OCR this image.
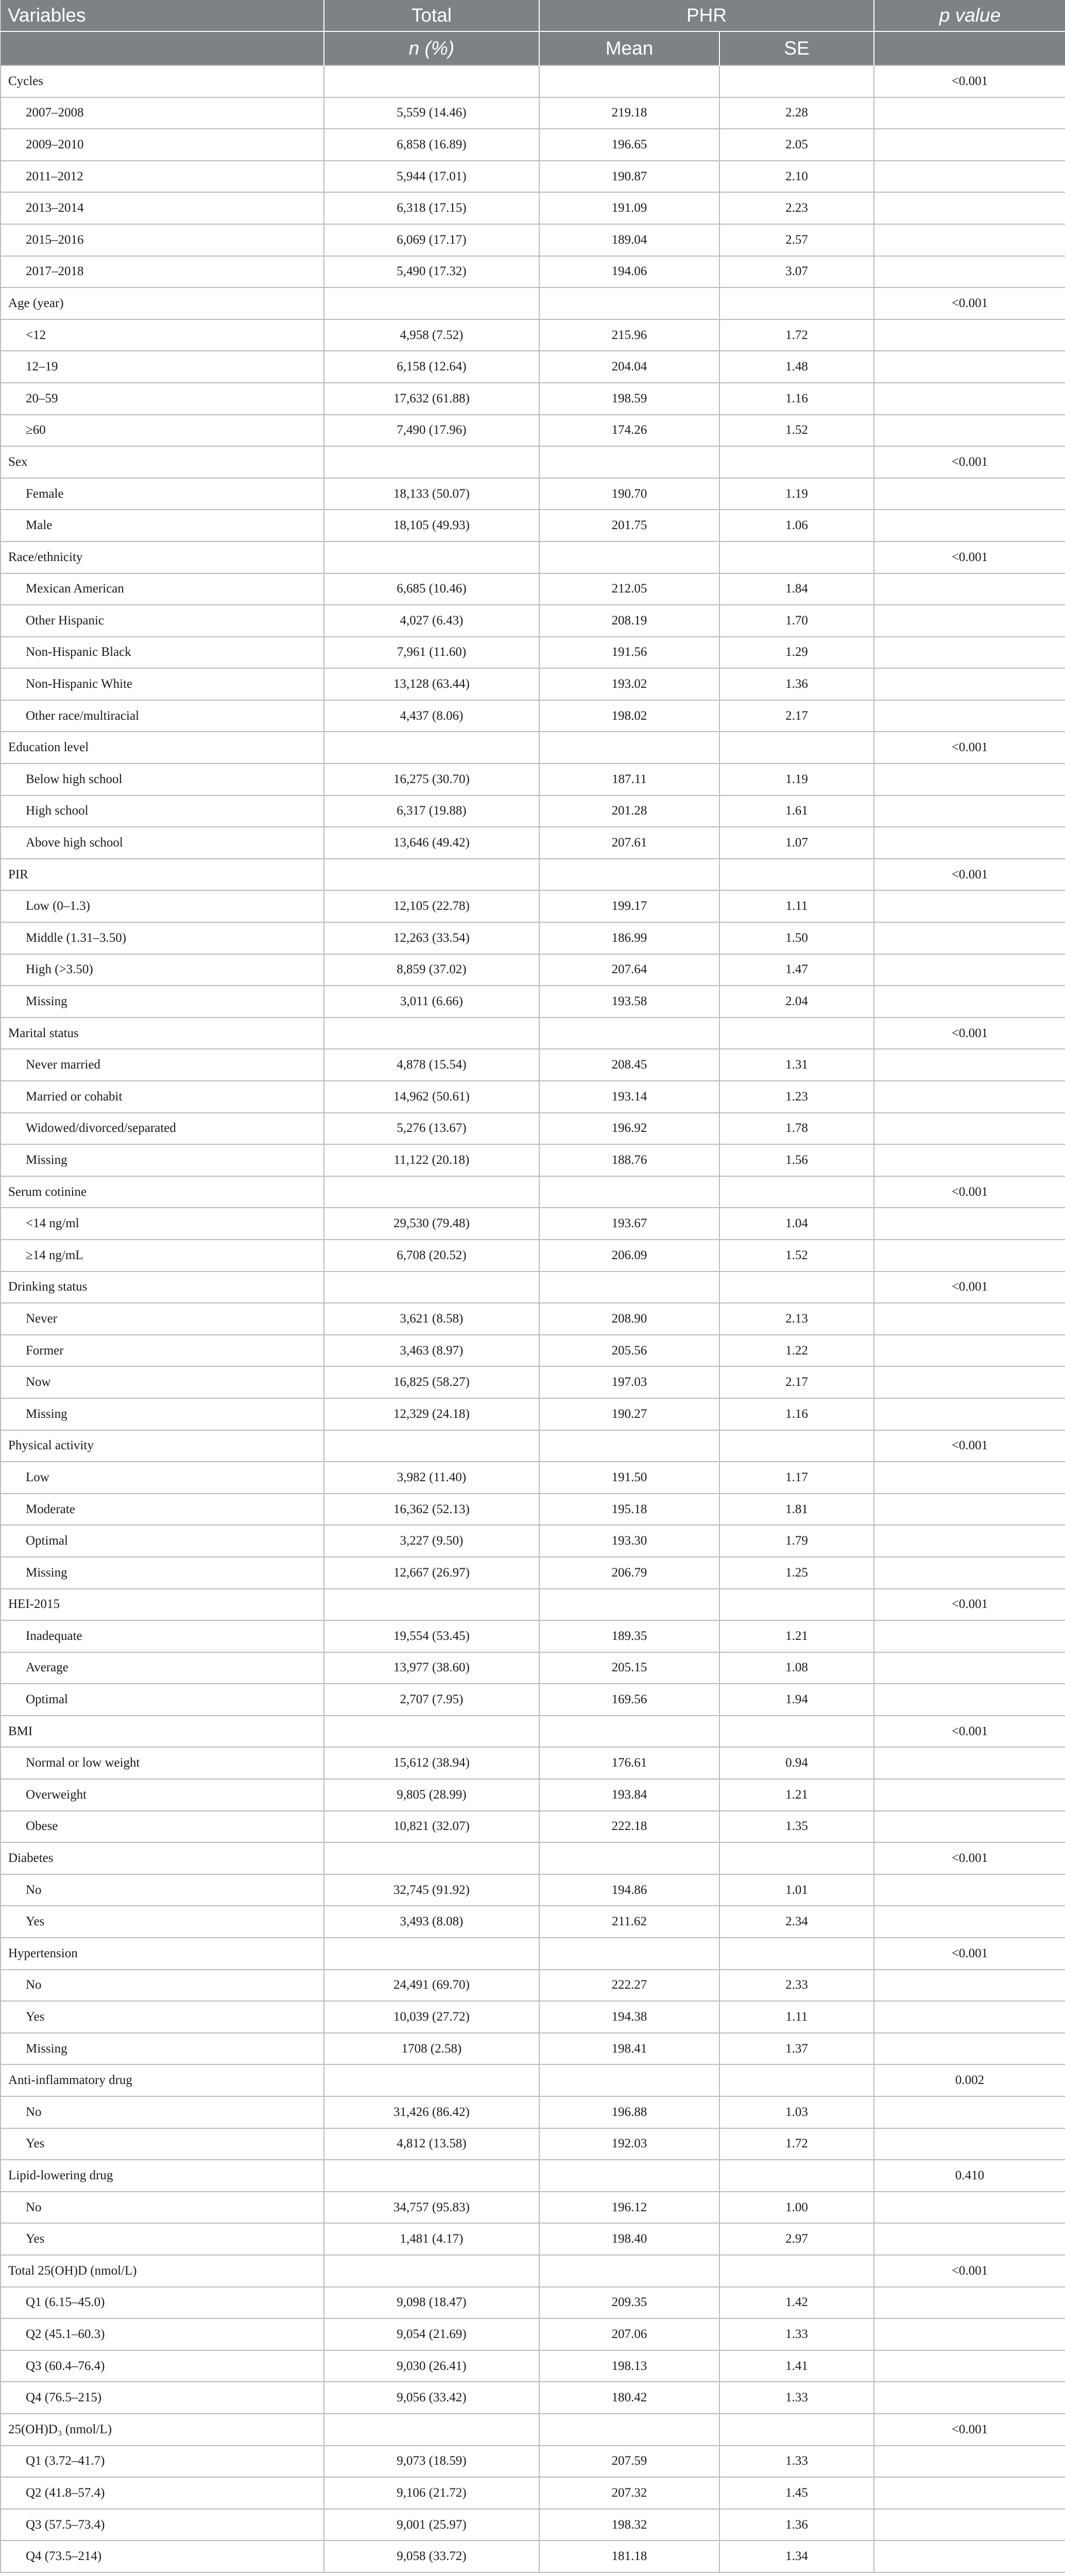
Variables	Total	PHR		p value
	n (%)	Mean	SE	
Cycles				<0.001
2007–2008	5,559 (14.46)	219.18	2.28	
2009–2010	6,858 (16.89)	196.65	2.05	
2011–2012	5,944 (17.01)	190.87	2.10	
2013–2014	6,318 (17.15)	191.09	2.23	
2015–2016	6,069 (17.17)	189.04	2.57	
2017–2018	5,490 (17.32)	194.06	3.07	
Age (year)				<0.001
<12	4,958 (7.52)	215.96	1.72	
12–19	6,158 (12.64)	204.04	1.48	
20–59	17,632 (61.88)	198.59	1.16	
≥60	7,490 (17.96)	174.26	1.52	
Sex				<0.001
Female	18,133 (50.07)	190.70	1.19	
Male	18,105 (49.93)	201.75	1.06	
Race/ethnicity				<0.001
Mexican American	6,685 (10.46)	212.05	1.84	
Other Hispanic	4,027 (6.43)	208.19	1.70	
Non-Hispanic Black	7,961 (11.60)	191.56	1.29	
Non-Hispanic White	13,128 (63.44)	193.02	1.36	
Other race/multiracial	4,437 (8.06)	198.02	2.17	
Education level				<0.001
Below high school	16,275 (30.70)	187.11	1.19	
High school	6,317 (19.88)	201.28	1.61	
Above high school	13,646 (49.42)	207.61	1.07	
PIR				<0.001
Low (0–1.3)	12,105 (22.78)	199.17	1.11	
Middle (1.31–3.50)	12,263 (33.54)	186.99	1.50	
High (>3.50)	8,859 (37.02)	207.64	1.47	
Missing	3,011 (6.66)	193.58	2.04	
Marital status				<0.001
Never married	4,878 (15.54)	208.45	1.31	
Married or cohabit	14,962 (50.61)	193.14	1.23	
Widowed/divorced/separated	5,276 (13.67)	196.92	1.78	
Missing	11,122 (20.18)	188.76	1.56	
Serum cotinine				<0.001
<14 ng/ml	29,530 (79.48)	193.67	1.04	
≥14 ng/mL	6,708 (20.52)	206.09	1.52	
Drinking status				<0.001
Never	3,621 (8.58)	208.90	2.13	
Former	3,463 (8.97)	205.56	1.22	
Now	16,825 (58.27)	197.03	2.17	
Missing	12,329 (24.18)	190.27	1.16	
Physical activity				<0.001
Low	3,982 (11.40)	191.50	1.17	
Moderate	16,362 (52.13)	195.18	1.81	
Optimal	3,227 (9.50)	193.30	1.79	
Missing	12,667 (26.97)	206.79	1.25	
HEI-2015				<0.001
Inadequate	19,554 (53.45)	189.35	1.21	
Average	13,977 (38.60)	205.15	1.08	
Optimal	2,707 (7.95)	169.56	1.94	
BMI				<0.001
Normal or low weight	15,612 (38.94)	176.61	0.94	
Overweight	9,805 (28.99)	193.84	1.21	
Obese	10,821 (32.07)	222.18	1.35	
Diabetes				<0.001
No	32,745 (91.92)	194.86	1.01	
Yes	3,493 (8.08)	211.62	2.34	
Hypertension				<0.001
No	24,491 (69.70)	222.27	2.33	
Yes	10,039 (27.72)	194.38	1.11	
Missing	1708 (2.58)	198.41	1.37	
Anti-inflammatory drug				0.002
No	31,426 (86.42)	196.88	1.03	
Yes	4,812 (13.58)	192.03	1.72	
Lipid-lowering drug				0.410
No	34,757 (95.83)	196.12	1.00	
Yes	1,481 (4.17)	198.40	2.97	
Total 25(OH)D (nmol/L)				<0.001
Q1 (6.15–45.0)	9,098 (18.47)	209.35	1.42	
Q2 (45.1–60.3)	9,054 (21.69)	207.06	1.33	
Q3 (60.4–76.4)	9,030 (26.41)	198.13	1.41	
Q4 (76.5–215)	9,056 (33.42)	180.42	1.33	
25(OH)D₃ (nmol/L)				<0.001
Q1 (3.72–41.7)	9,073 (18.59)	207.59	1.33	
Q2 (41.8–57.4)	9,106 (21.72)	207.32	1.45	
Q3 (57.5–73.4)	9,001 (25.97)	198.32	1.36	
Q4 (73.5–214)	9,058 (33.72)	181.18	1.34	
